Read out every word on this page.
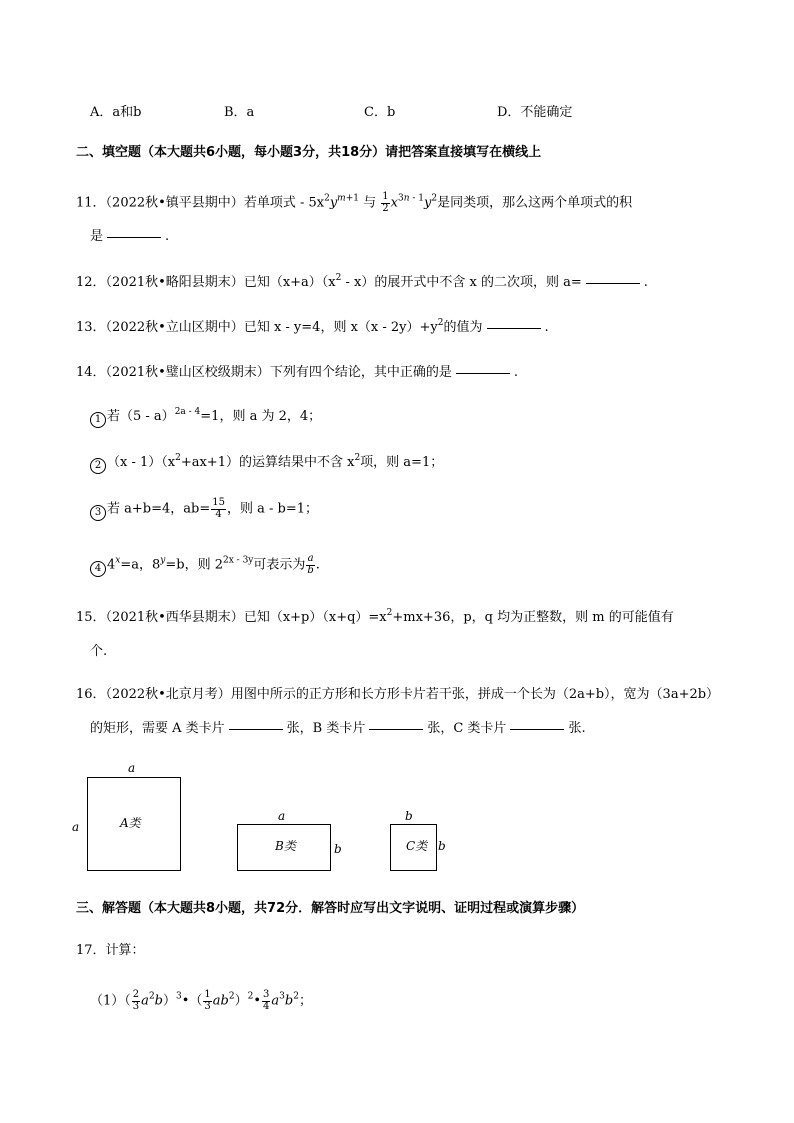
A．a和b	B．a	C．b	D．不能确定
二、填空题（本大题共6小题，每小题3分，共18分）请把答案直接填写在横线上
11．（2022秋•镇平县期中）若单项式 - $5x^2y^{m+1}$ 与 $\frac{1}{2} x^{3n - 1}y^2$是同类项，那么这两个单项式的积
是	.
12．（2021秋•略阳县期末）已知$(x+a)(x^2 - x)$的展开式中不含 x 的二次项，则 a=	.
13．（2022秋•立山区期中）已知 x - y=4，则 $x(x - 2y)+y^2$的值为	.
14．（2021秋•璧山区校级期末）下列有四个结论，其中正确的是	.
1 若（5 - a）$^{2a - 4}$=1，则 a 为 2，4；
2 $(x - 1)(x^2+ax+1)$的运算结果中不含 $x^2$项，则 a=1；
3 若 a+b=4，$ab= \frac{15}{4}$ ，则 a - b=1；
4 $4^x=a$，$8^y=b$，则 $2^{2x - 3y}$可表示为 $\frac{a}{b}$ .
15．（2021秋•西华县期末）已知$(x+p)(x+q)=x^2+mx+36$，p，q 均为正整数，则 m 的可能值有
个.
16．（2022秋•北京月考）用图中所示的正方形和长方形卡片若干张，拼成一个长为（2a+b），宽为（3a+2b）
的矩形，需要 A 类卡片	张，B 类卡片	张，C 类卡片	张.
a
a	A类	a
B类	b
b
C类 b
三、解答题（本大题共8小题，共72分．解答时应写出文字说明、证明过程或演算步骤）
17．计算：
$(1)( \frac{2}{3}$ $a^2b)^3•( \frac{1}{3}$ $ab^2)^2• \frac{3}{4} a^3b^2$；
